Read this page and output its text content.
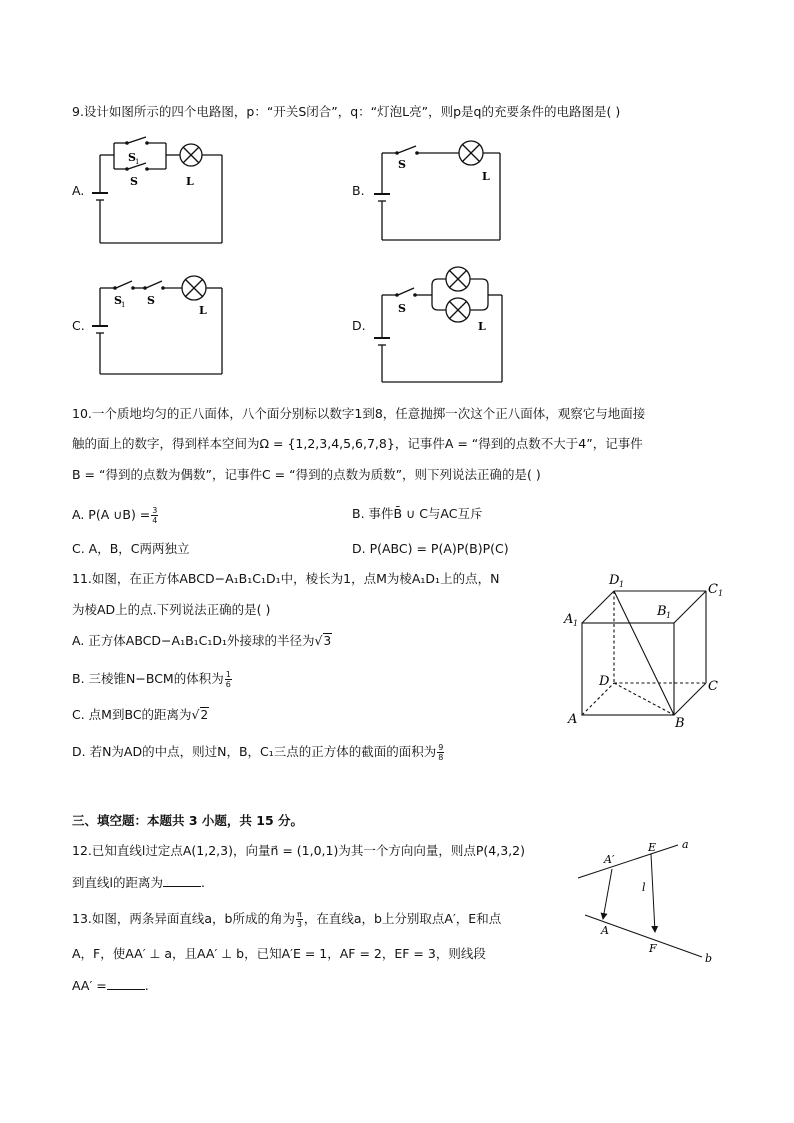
9.设计如图所示的四个电路图，p：“开关S闭合”，q：“灯泡L亮”，则p是q的充要条件的电路图是( )
A.
S 1
S	L
B.
S
L
C.
S 1 S
L
D.
S
L
10.一个质地均匀的正八面体，八个面分别标以数字1到8，任意抛掷一次这个正八面体，观察它与地面接
触的面上的数字，得到样本空间为Ω = {1,2,3,4,5,6,7,8}，记事件A = “得到的点数不大于4”，记事件
B = “得到的点数为偶数”，记事件C = “得到的点数为质数”，则下列说法正确的是( )
A. P(A ∪B) = $\frac{3}{4}$	B. 事件B̄ ∪ C与AC互斥
C. A，B，C两两独立	D. P(ABC) = P(A)P(B)P(C)
11.如图，在正方体ABCD−A₁B₁C₁D₁中，棱长为1，点M为棱A₁D₁上的点，N
为棱AD上的点.下列说法正确的是( )
A. 正方体ABCD−A₁B₁C₁D₁外接球的半径为√3
B. 三棱锥N−BCM的体积为 $\frac{1}{6}$
C. 点M到BC的距离为√2
D. 若N为AD的中点，则过N，B，C₁三点的正方体的截面的面积为 $\frac{9}{8}$
D 1	C 1
B 1
A 1
D	C
A	B
三、填空题：本题共 3 小题，共 15 分。
12.已知直线l过定点A(1,2,3)，向量n⃗ = (1,0,1)为其一个方向向量，则点P(4,3,2)
到直线l的距离为	.
13.如图，两条异面直线a，b所成的角为 $\frac{\pi}{3}$ ，在直线a，b上分别取点A′，E和点
A，F，使AA′ ⊥ a，且AA′ ⊥ b，已知A′E = 1，AF = 2，EF = 3，则线段
AA′ =	.
a
E
A′
l
A
F
b
